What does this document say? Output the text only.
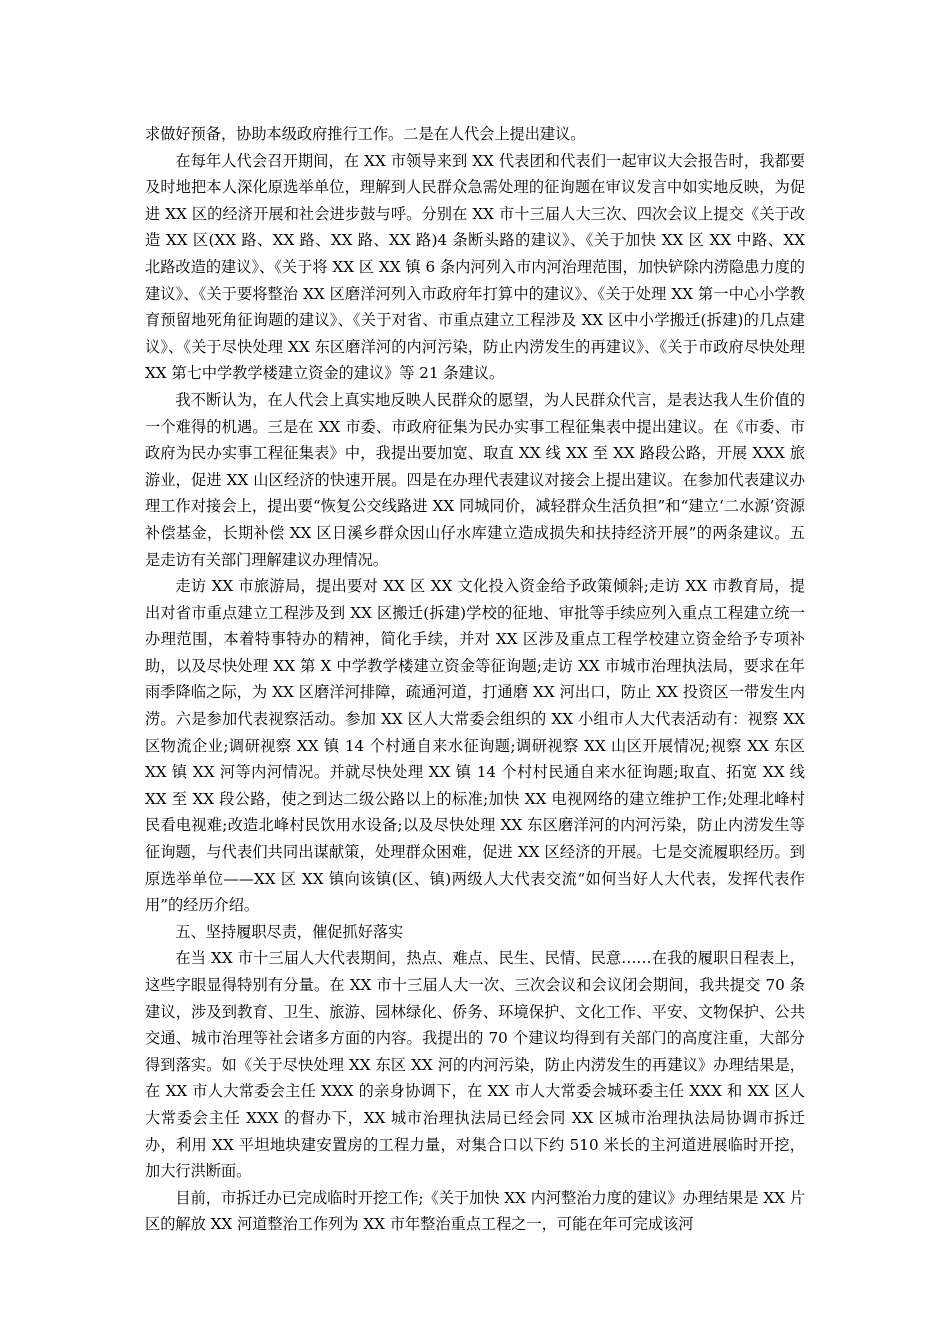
求做好预备，协助本级政府推行工作。二是在人代会上提出建议。

在每年人代会召开期间，在 XX 市领导来到 XX 代表团和代表们一起审议大会报告时，我都要及时地把本人深化原选举单位，理解到人民群众急需处理的征询题在审议发言中如实地反映，为促进 XX 区的经济开展和社会进步鼓与呼。分别在 XX 市十三届人大三次、四次会议上提交《关于改造 XX 区(XX 路、XX 路、XX 路、XX 路)4 条断头路的建议》、《关于加快 XX 区 XX 中路、XX 北路改造的建议》、《关于将 XX 区 XX 镇 6 条内河列入市内河治理范围，加快铲除内涝隐患力度的建议》、《关于要将整治 XX 区磨洋河列入市政府年打算中的建议》、《关于处理 XX 第一中心小学教育预留地死角征询题的建议》、《关于对省、市重点建立工程涉及 XX 区中小学搬迁(拆建)的几点建议》、《关于尽快处理 XX 东区磨洋河的内河污染，防止内涝发生的再建议》、《关于市政府尽快处理 XX 第七中学教学楼建立资金的建议》等 21 条建议。

我不断认为，在人代会上真实地反映人民群众的愿望，为人民群众代言，是表达我人生价值的一个难得的机遇。三是在 XX 市委、市政府征集为民办实事工程征集表中提出建议。在《市委、市政府为民办实事工程征集表》中，我提出要加宽、取直 XX 线 XX 至 XX 路段公路，开展 XXX 旅游业，促进 XX 山区经济的快速开展。四是在办理代表建议对接会上提出建议。在参加代表建议办理工作对接会上，提出要“恢复公交线路进 XX 同城同价，减轻群众生活负担”和“建立‘二水源’资源补偿基金，长期补偿 XX 区日溪乡群众因山仔水库建立造成损失和扶持经济开展”的两条建议。五是走访有关部门理解建议办理情况。

走访 XX 市旅游局，提出要对 XX 区 XX 文化投入资金给予政策倾斜;走访 XX 市教育局，提出对省市重点建立工程涉及到 XX 区搬迁(拆建)学校的征地、审批等手续应列入重点工程建立统一办理范围，本着特事特办的精神，简化手续，并对 XX 区涉及重点工程学校建立资金给予专项补助，以及尽快处理 XX 第 X 中学教学楼建立资金等征询题;走访 XX 市城市治理执法局，要求在年雨季降临之际，为 XX 区磨洋河排障，疏通河道，打通磨 XX 河出口，防止 XX 投资区一带发生内涝。六是参加代表视察活动。参加 XX 区人大常委会组织的 XX 小组市人大代表活动有：视察 XX 区物流企业;调研视察 XX 镇 14 个村通自来水征询题;调研视察 XX 山区开展情况;视察 XX 东区 XX 镇 XX 河等内河情况。并就尽快处理 XX 镇 14 个村村民通自来水征询题;取直、拓宽 XX 线 XX 至 XX 段公路，使之到达二级公路以上的标准;加快 XX 电视网络的建立维护工作;处理北峰村民看电视难;改造北峰村民饮用水设备;以及尽快处理 XX 东区磨洋河的内河污染，防止内涝发生等征询题，与代表们共同出谋献策，处理群众困难，促进 XX 区经济的开展。七是交流履职经历。到原选举单位——XX 区 XX 镇向该镇(区、镇)两级人大代表交流“如何当好人大代表，发挥代表作用”的经历介绍。

五、坚持履职尽责，催促抓好落实

在当 XX 市十三届人大代表期间，热点、难点、民生、民情、民意……在我的履职日程表上，这些字眼显得特别有分量。在 XX 市十三届人大一次、三次会议和会议闭会期间，我共提交 70 条建议，涉及到教育、卫生、旅游、园林绿化、侨务、环境保护、文化工作、平安、文物保护、公共交通、城市治理等社会诸多方面的内容。我提出的 70 个建议均得到有关部门的高度注重，大部分得到落实。如《关于尽快处理 XX 东区 XX 河的内河污染，防止内涝发生的再建议》办理结果是，在 XX 市人大常委会主任 XXX 的亲身协调下，在 XX 市人大常委会城环委主任 XXX 和 XX 区人大常委会主任 XXX 的督办下，XX 城市治理执法局已经会同 XX 区城市治理执法局协调市拆迁办，利用 XX 平坦地块建安置房的工程力量，对集合口以下约 510 米长的主河道进展临时开挖，加大行洪断面。

目前，市拆迁办已完成临时开挖工作;《关于加快 XX 内河整治力度的建议》办理结果是 XX 片区的解放 XX 河道整治工作列为 XX 市年整治重点工程之一，可能在年可完成该河
